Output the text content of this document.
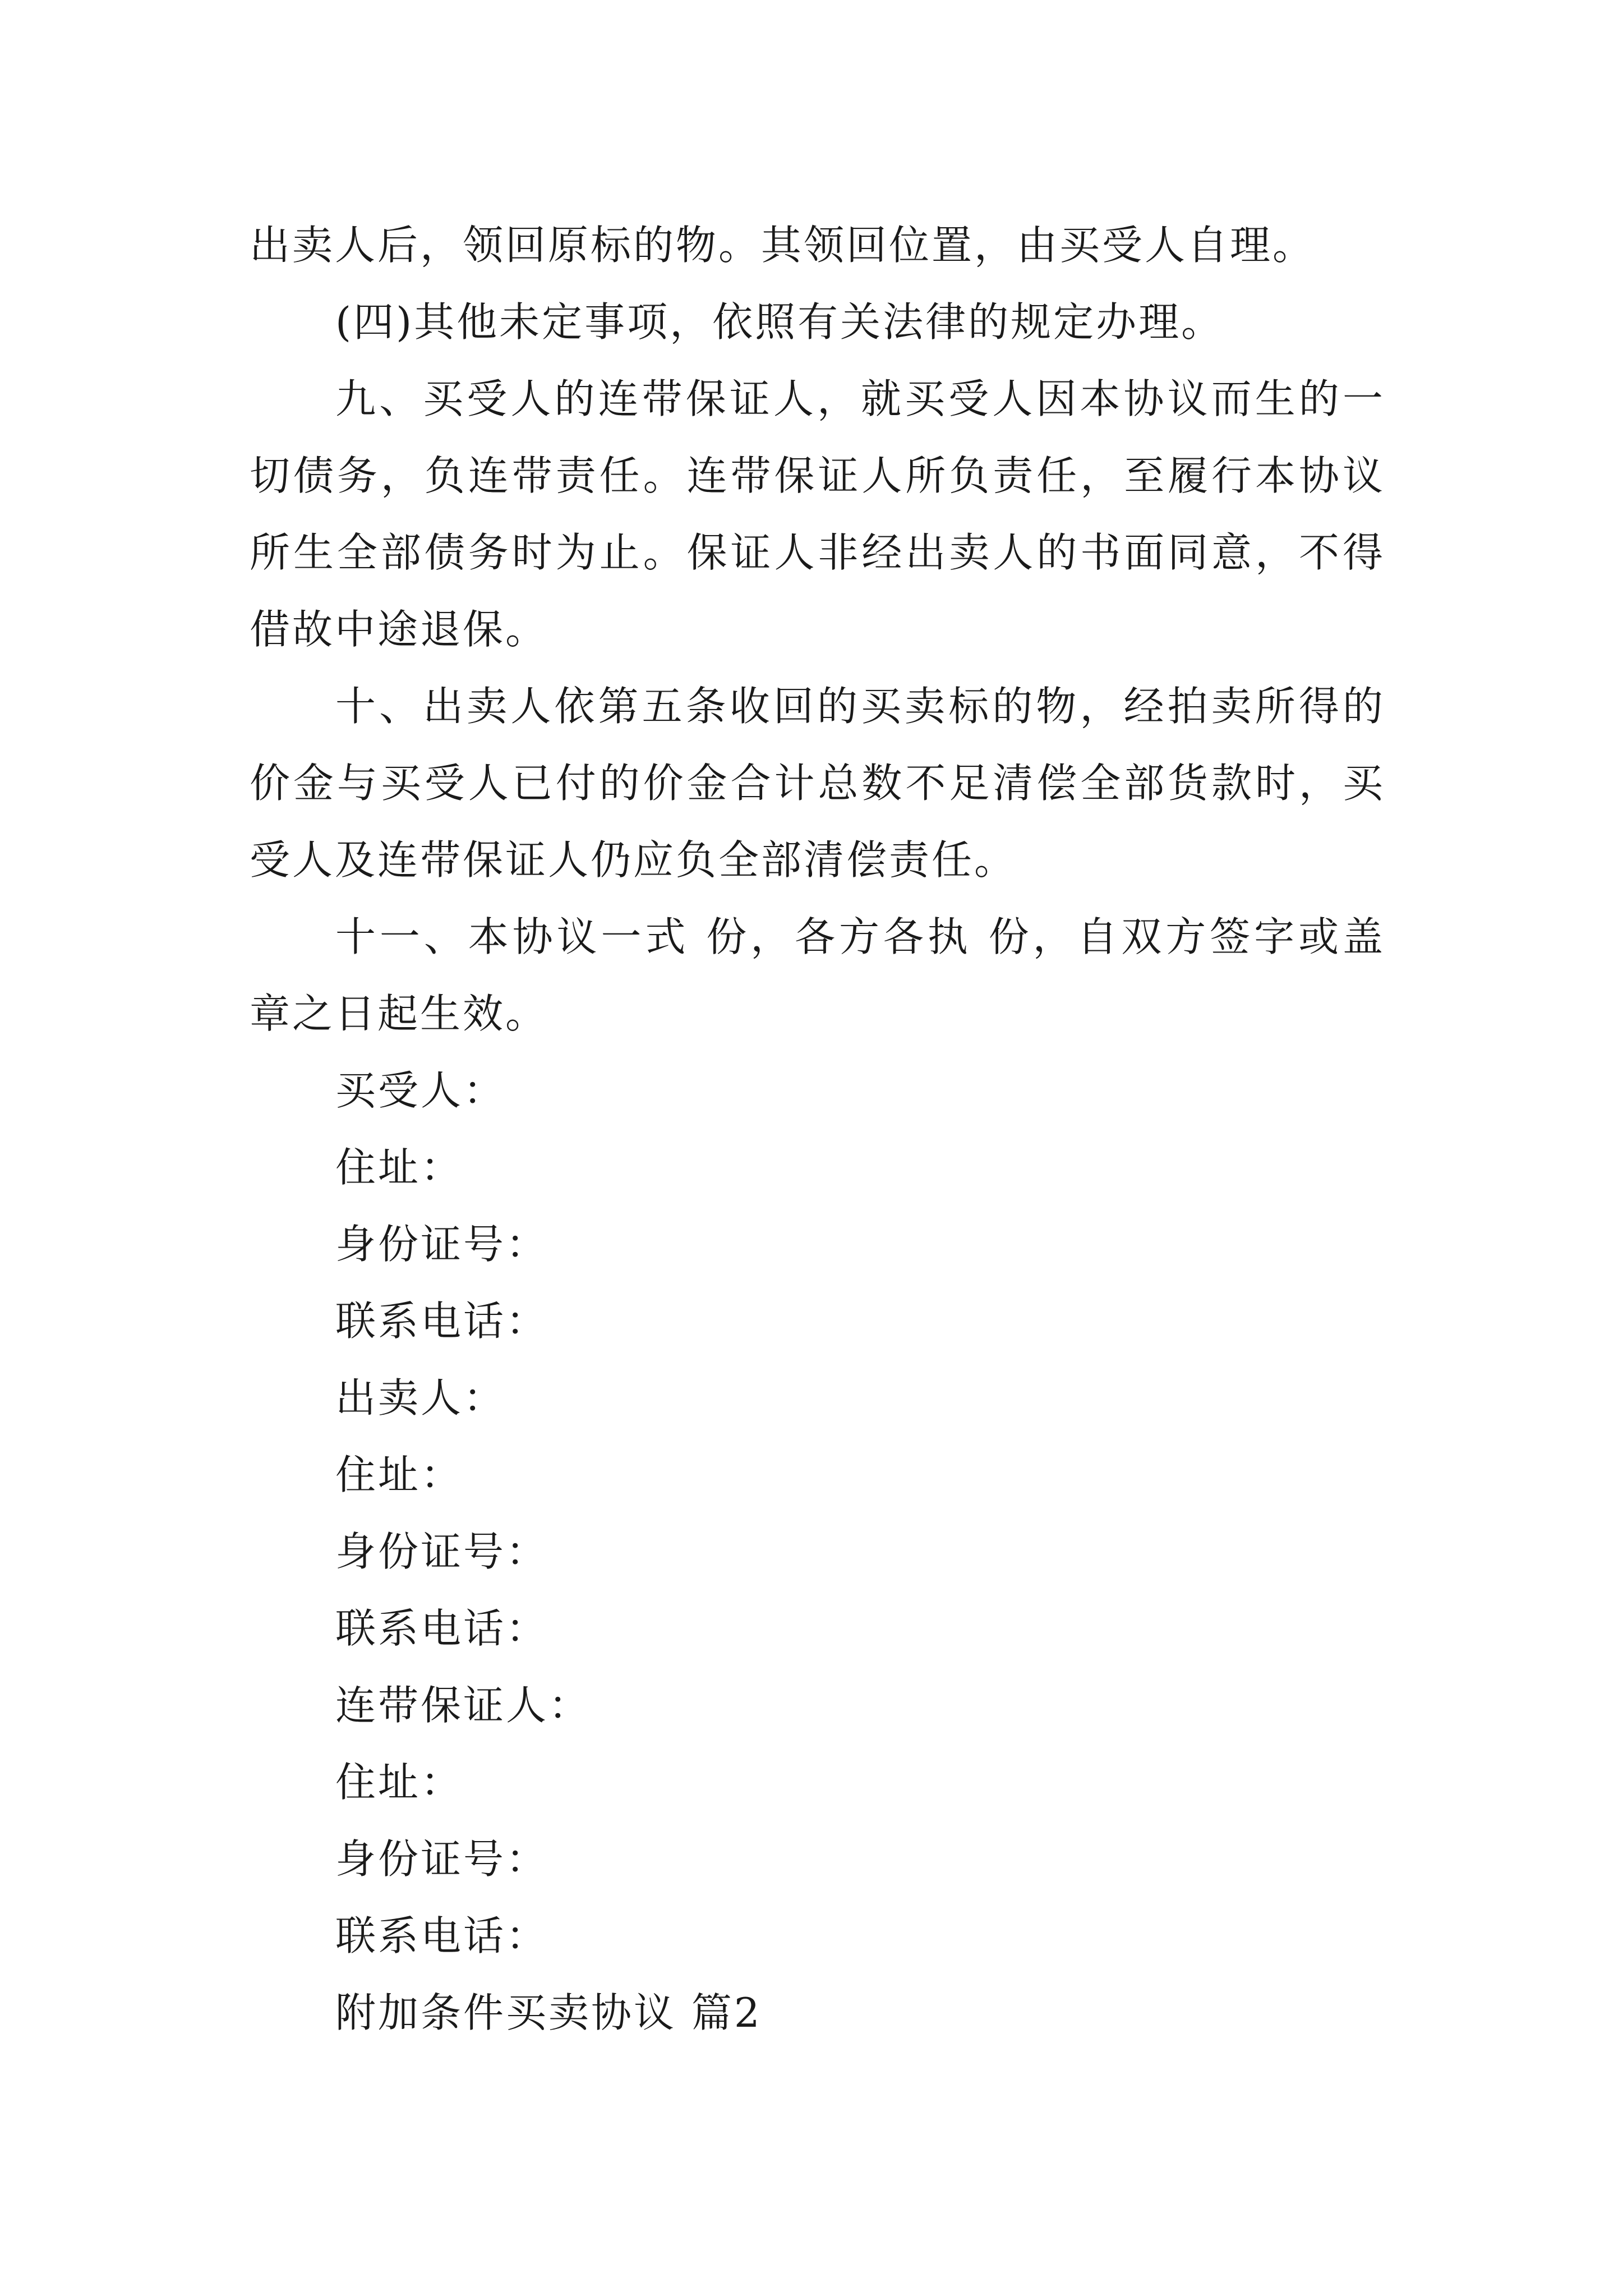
出卖人后，领回原标的物。其领回位置，由买受人自理。

(四)其他未定事项，依照有关法律的规定办理。

九、买受人的连带保证人，就买受人因本协议而生的一切债务，负连带责任。连带保证人所负责任，至履行本协议所生全部债务时为止。保证人非经出卖人的书面同意，不得借故中途退保。

十、出卖人依第五条收回的买卖标的物，经拍卖所得的价金与买受人已付的价金合计总数不足清偿全部货款时，买受人及连带保证人仍应负全部清偿责任。

十一、本协议一式 份，各方各执 份，自双方签字或盖章之日起生效。

买受人：

住址：

身份证号：

联系电话：

出卖人：

住址：

身份证号：

联系电话：

连带保证人：

住址：

身份证号：

联系电话：

附加条件买卖协议 篇2
